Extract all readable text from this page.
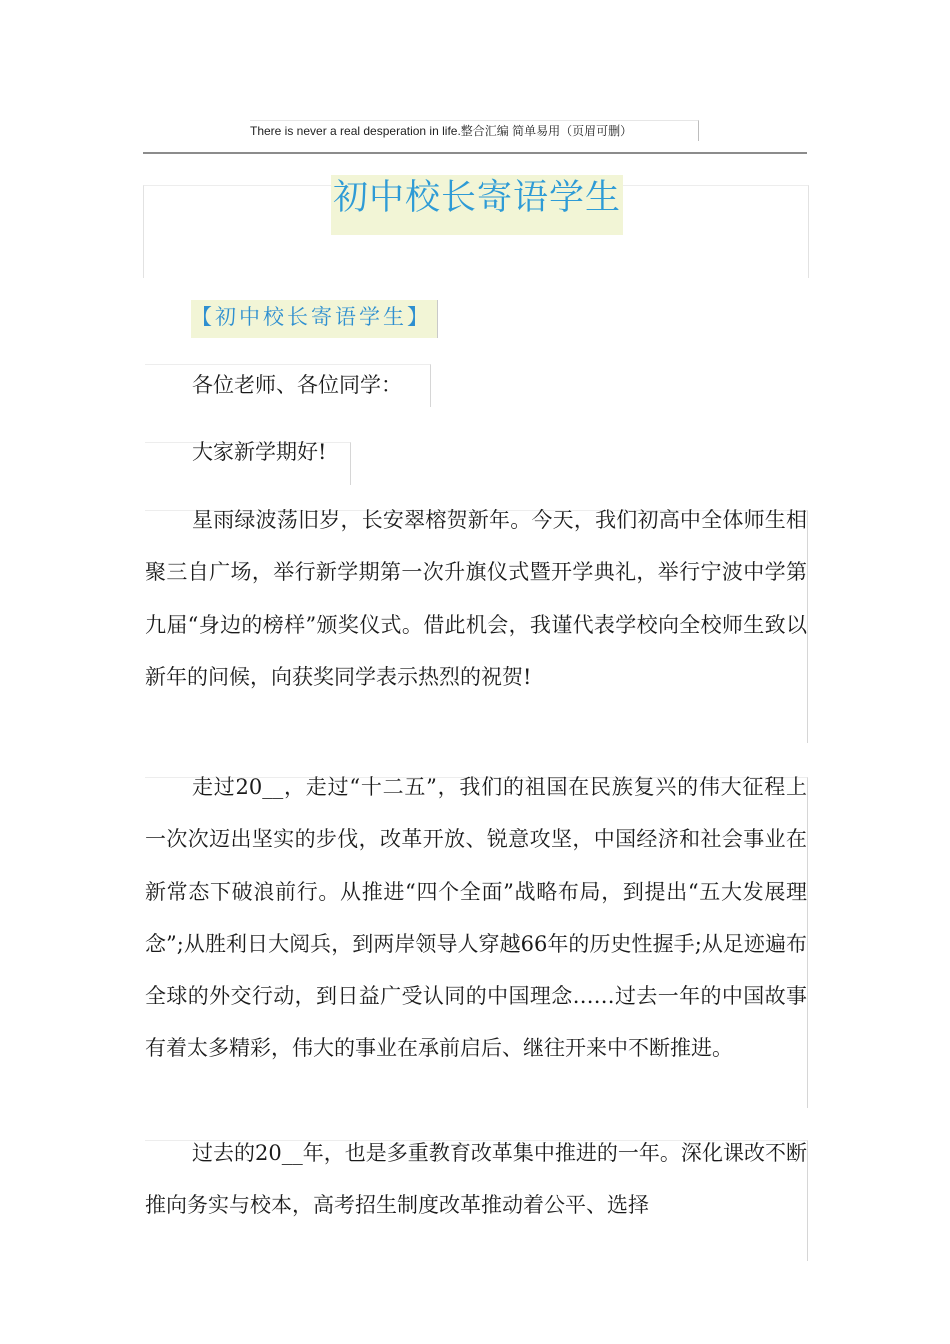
There is never a real desperation in life.整合汇编 简单易用（页眉可删）
初中校长寄语学生
【初中校长寄语学生】
各位老师、各位同学：
大家新学期好!
星雨绿波荡旧岁，长安翠榕贺新年。今天，我们初高中全体师生相聚三自广场，举行新学期第一次升旗仪式暨开学典礼，举行宁波中学第九届“身边的榜样”颁奖仪式。借此机会，我谨代表学校向全校师生致以新年的问候，向获奖同学表示热烈的祝贺!
走过20__，走过“十二五”，我们的祖国在民族复兴的伟大征程上一次次迈出坚实的步伐，改革开放、锐意攻坚，中国经济和社会事业在新常态下破浪前行。从推进“四个全面”战略布局，到提出“五大发展理念”;从胜利日大阅兵，到两岸领导人穿越66年的历史性握手;从足迹遍布全球的外交行动，到日益广受认同的中国理念……过去一年的中国故事有着太多精彩，伟大的事业在承前启后、继往开来中不断推进。
过去的20__年，也是多重教育改革集中推进的一年。深化课改不断推向务实与校本，高考招生制度改革推动着公平、选择
